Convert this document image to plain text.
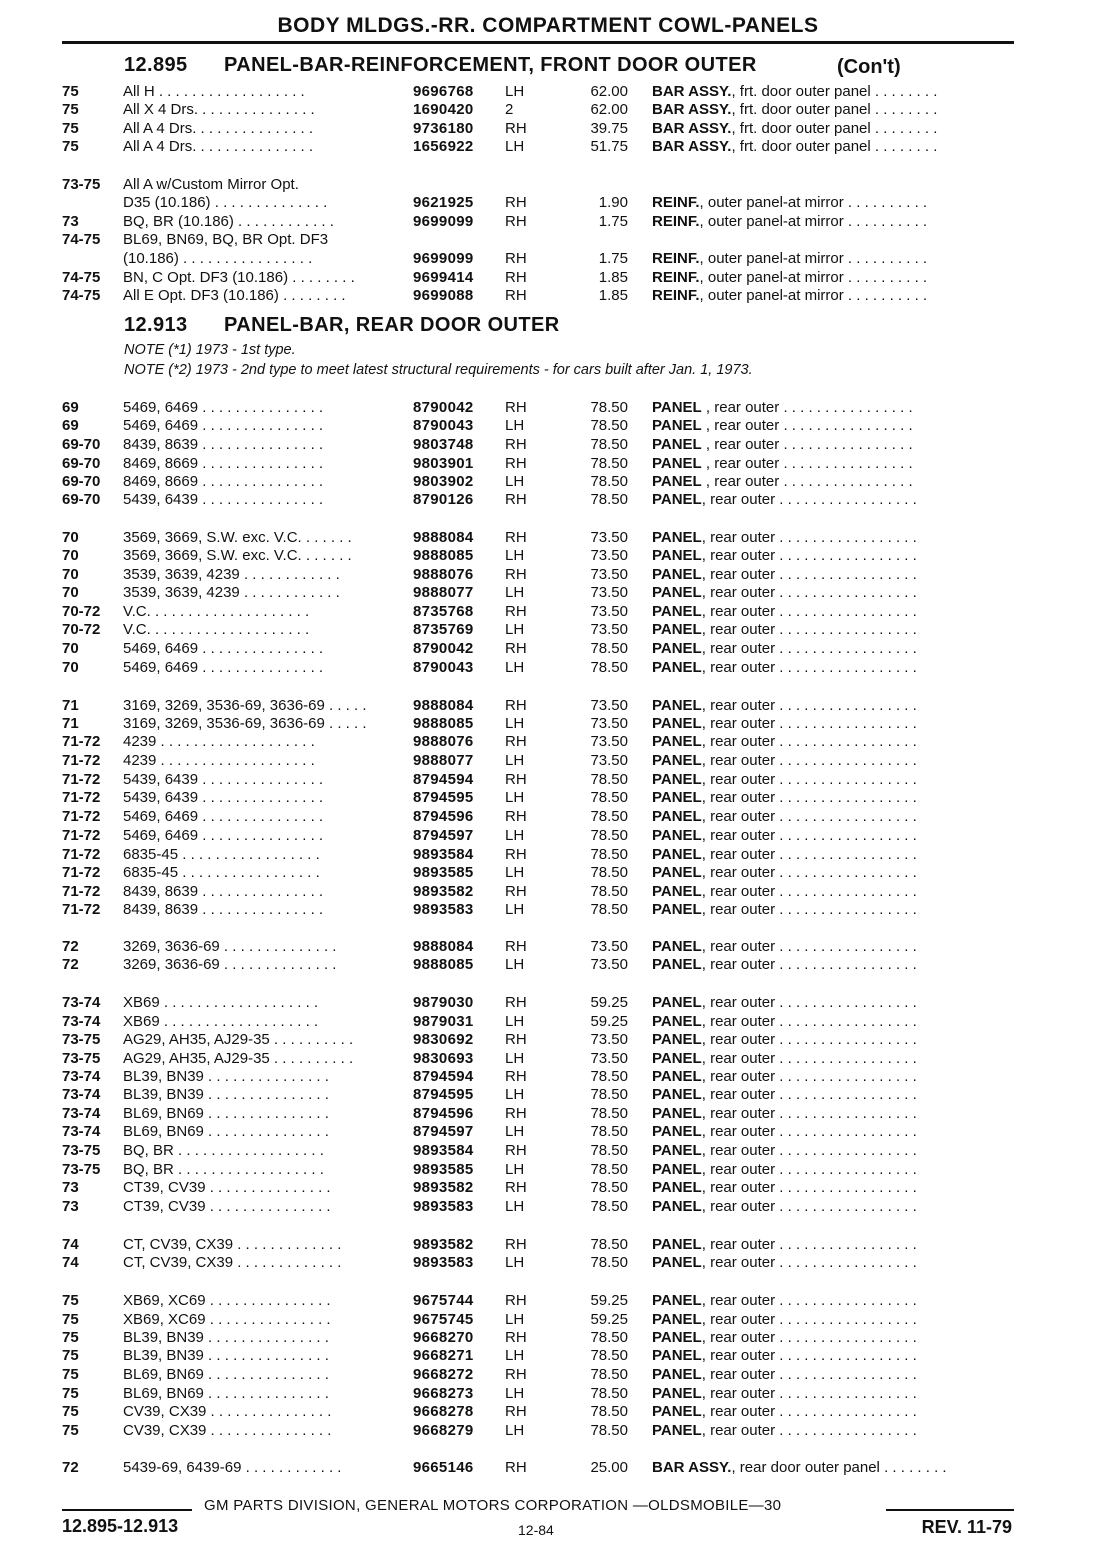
BODY MLDGS.-RR. COMPARTMENT COWL-PANELS
12.895 PANEL-BAR-REINFORCEMENT, FRONT DOOR OUTER	(Con't)
12.913 PANEL-BAR, REAR DOOR OUTER
NOTE (*1) 1973 - 1st type.
NOTE (*2) 1973 - 2nd type to meet latest structural requirements - for cars built after Jan. 1, 1973.
75	All H . . . . . . . . . . . . . . . . . .	9696768	LH	62.00 BAR ASSY., frt. door outer panel . . . . . . . .
75	All X 4 Drs. . . . . . . . . . . . . . .	1690420	2	62.00 BAR ASSY., frt. door outer panel . . . . . . . .
75	All A 4 Drs. . . . . . . . . . . . . . .	9736180	RH	39.75 BAR ASSY., frt. door outer panel . . . . . . . .
75	All A 4 Drs. . . . . . . . . . . . . . .	1656922	LH	51.75 BAR ASSY., frt. door outer panel . . . . . . . .
73-75	All A w/Custom Mirror Opt.
D35 (10.186) . . . . . . . . . . . . . .	9621925	RH	1.90 REINF., outer panel-at mirror . . . . . . . . . .
73	BQ, BR (10.186) . . . . . . . . . . . .	9699099	RH	1.75 REINF., outer panel-at mirror . . . . . . . . . .
74-75	BL69, BN69, BQ, BR Opt. DF3
(10.186) . . . . . . . . . . . . . . . .	9699099	RH	1.75 REINF., outer panel-at mirror . . . . . . . . . .
74-75	BN, C Opt. DF3 (10.186) . . . . . . . .	9699414	RH	1.85 REINF., outer panel-at mirror . . . . . . . . . .
74-75	All E Opt. DF3 (10.186) . . . . . . . .	9699088	RH	1.85 REINF., outer panel-at mirror . . . . . . . . . .
69	5469, 6469 . . . . . . . . . . . . . . .	8790042	RH	78.50 PANEL , rear outer . . . . . . . . . . . . . . . .
69	5469, 6469 . . . . . . . . . . . . . . .	8790043	LH	78.50 PANEL , rear outer . . . . . . . . . . . . . . . .
69-70	8439, 8639 . . . . . . . . . . . . . . .	9803748	RH	78.50 PANEL , rear outer . . . . . . . . . . . . . . . .
69-70	8469, 8669 . . . . . . . . . . . . . . .	9803901	RH	78.50 PANEL , rear outer . . . . . . . . . . . . . . . .
69-70	8469, 8669 . . . . . . . . . . . . . . .	9803902	LH	78.50 PANEL , rear outer . . . . . . . . . . . . . . . .
69-70	5439, 6439 . . . . . . . . . . . . . . .	8790126	RH	78.50 PANEL, rear outer . . . . . . . . . . . . . . . . .
70	3569, 3669, S.W. exc. V.C. . . . . . .	9888084	RH	73.50 PANEL, rear outer . . . . . . . . . . . . . . . . .
70	3569, 3669, S.W. exc. V.C. . . . . . .	9888085	LH	73.50 PANEL, rear outer . . . . . . . . . . . . . . . . .
70	3539, 3639, 4239 . . . . . . . . . . . .	9888076	RH	73.50 PANEL, rear outer . . . . . . . . . . . . . . . . .
70	3539, 3639, 4239 . . . . . . . . . . . .	9888077	LH	73.50 PANEL, rear outer . . . . . . . . . . . . . . . . .
70-72	V.C. . . . . . . . . . . . . . . . . . . .	8735768	RH	73.50 PANEL, rear outer . . . . . . . . . . . . . . . . .
70-72	V.C. . . . . . . . . . . . . . . . . . . .	8735769	LH	73.50 PANEL, rear outer . . . . . . . . . . . . . . . . .
70	5469, 6469 . . . . . . . . . . . . . . .	8790042	RH	78.50 PANEL, rear outer . . . . . . . . . . . . . . . . .
70	5469, 6469 . . . . . . . . . . . . . . .	8790043	LH	78.50 PANEL, rear outer . . . . . . . . . . . . . . . . .
71	3169, 3269, 3536-69, 3636-69 . . . . .	9888084	RH	73.50 PANEL, rear outer . . . . . . . . . . . . . . . . .
71	3169, 3269, 3536-69, 3636-69 . . . . .	9888085	LH	73.50 PANEL, rear outer . . . . . . . . . . . . . . . . .
71-72	4239 . . . . . . . . . . . . . . . . . . .	9888076	RH	73.50 PANEL, rear outer . . . . . . . . . . . . . . . . .
71-72	4239 . . . . . . . . . . . . . . . . . . .	9888077	LH	73.50 PANEL, rear outer . . . . . . . . . . . . . . . . .
71-72	5439, 6439 . . . . . . . . . . . . . . .	8794594	RH	78.50 PANEL, rear outer . . . . . . . . . . . . . . . . .
71-72	5439, 6439 . . . . . . . . . . . . . . .	8794595	LH	78.50 PANEL, rear outer . . . . . . . . . . . . . . . . .
71-72	5469, 6469 . . . . . . . . . . . . . . .	8794596	RH	78.50 PANEL, rear outer . . . . . . . . . . . . . . . . .
71-72	5469, 6469 . . . . . . . . . . . . . . .	8794597	LH	78.50 PANEL, rear outer . . . . . . . . . . . . . . . . .
71-72	6835-45 . . . . . . . . . . . . . . . . .	9893584	RH	78.50 PANEL, rear outer . . . . . . . . . . . . . . . . .
71-72	6835-45 . . . . . . . . . . . . . . . . .	9893585	LH	78.50 PANEL, rear outer . . . . . . . . . . . . . . . . .
71-72	8439, 8639 . . . . . . . . . . . . . . .	9893582	RH	78.50 PANEL, rear outer . . . . . . . . . . . . . . . . .
71-72	8439, 8639 . . . . . . . . . . . . . . .	9893583	LH	78.50 PANEL, rear outer . . . . . . . . . . . . . . . . .
72	3269, 3636-69 . . . . . . . . . . . . . .	9888084	RH	73.50 PANEL, rear outer . . . . . . . . . . . . . . . . .
72	3269, 3636-69 . . . . . . . . . . . . . .	9888085	LH	73.50 PANEL, rear outer . . . . . . . . . . . . . . . . .
73-74	XB69 . . . . . . . . . . . . . . . . . . .	9879030	RH	59.25 PANEL, rear outer . . . . . . . . . . . . . . . . .
73-74	XB69 . . . . . . . . . . . . . . . . . . .	9879031	LH	59.25 PANEL, rear outer . . . . . . . . . . . . . . . . .
73-75	AG29, AH35, AJ29-35 . . . . . . . . . .	9830692	RH	73.50 PANEL, rear outer . . . . . . . . . . . . . . . . .
73-75	AG29, AH35, AJ29-35 . . . . . . . . . .	9830693	LH	73.50 PANEL, rear outer . . . . . . . . . . . . . . . . .
73-74	BL39, BN39 . . . . . . . . . . . . . . .	8794594	RH	78.50 PANEL, rear outer . . . . . . . . . . . . . . . . .
73-74	BL39, BN39 . . . . . . . . . . . . . . .	8794595	LH	78.50 PANEL, rear outer . . . . . . . . . . . . . . . . .
73-74	BL69, BN69 . . . . . . . . . . . . . . .	8794596	RH	78.50 PANEL, rear outer . . . . . . . . . . . . . . . . .
73-74	BL69, BN69 . . . . . . . . . . . . . . .	8794597	LH	78.50 PANEL, rear outer . . . . . . . . . . . . . . . . .
73-75	BQ, BR . . . . . . . . . . . . . . . . . .	9893584	RH	78.50 PANEL, rear outer . . . . . . . . . . . . . . . . .
73-75	BQ, BR . . . . . . . . . . . . . . . . . .	9893585	LH	78.50 PANEL, rear outer . . . . . . . . . . . . . . . . .
73	CT39, CV39 . . . . . . . . . . . . . . .	9893582	RH	78.50 PANEL, rear outer . . . . . . . . . . . . . . . . .
73	CT39, CV39 . . . . . . . . . . . . . . .	9893583	LH	78.50 PANEL, rear outer . . . . . . . . . . . . . . . . .
74	CT, CV39, CX39 . . . . . . . . . . . . .	9893582	RH	78.50 PANEL, rear outer . . . . . . . . . . . . . . . . .
74	CT, CV39, CX39 . . . . . . . . . . . . .	9893583	LH	78.50 PANEL, rear outer . . . . . . . . . . . . . . . . .
75	XB69, XC69 . . . . . . . . . . . . . . .	9675744	RH	59.25 PANEL, rear outer . . . . . . . . . . . . . . . . .
75	XB69, XC69 . . . . . . . . . . . . . . .	9675745	LH	59.25 PANEL, rear outer . . . . . . . . . . . . . . . . .
75	BL39, BN39 . . . . . . . . . . . . . . .	9668270	RH	78.50 PANEL, rear outer . . . . . . . . . . . . . . . . .
75	BL39, BN39 . . . . . . . . . . . . . . .	9668271	LH	78.50 PANEL, rear outer . . . . . . . . . . . . . . . . .
75	BL69, BN69 . . . . . . . . . . . . . . .	9668272	RH	78.50 PANEL, rear outer . . . . . . . . . . . . . . . . .
75	BL69, BN69 . . . . . . . . . . . . . . .	9668273	LH	78.50 PANEL, rear outer . . . . . . . . . . . . . . . . .
75	CV39, CX39 . . . . . . . . . . . . . . .	9668278	RH	78.50 PANEL, rear outer . . . . . . . . . . . . . . . . .
75	CV39, CX39 . . . . . . . . . . . . . . .	9668279	LH	78.50 PANEL, rear outer . . . . . . . . . . . . . . . . .
72	5439-69, 6439-69 . . . . . . . . . . . .	9665146	RH	25.00 BAR ASSY., rear door outer panel . . . . . . . .
GM PARTS DIVISION, GENERAL MOTORS CORPORATION —OLDSMOBILE—30
12.895-12.913	12-84	REV. 11-79
